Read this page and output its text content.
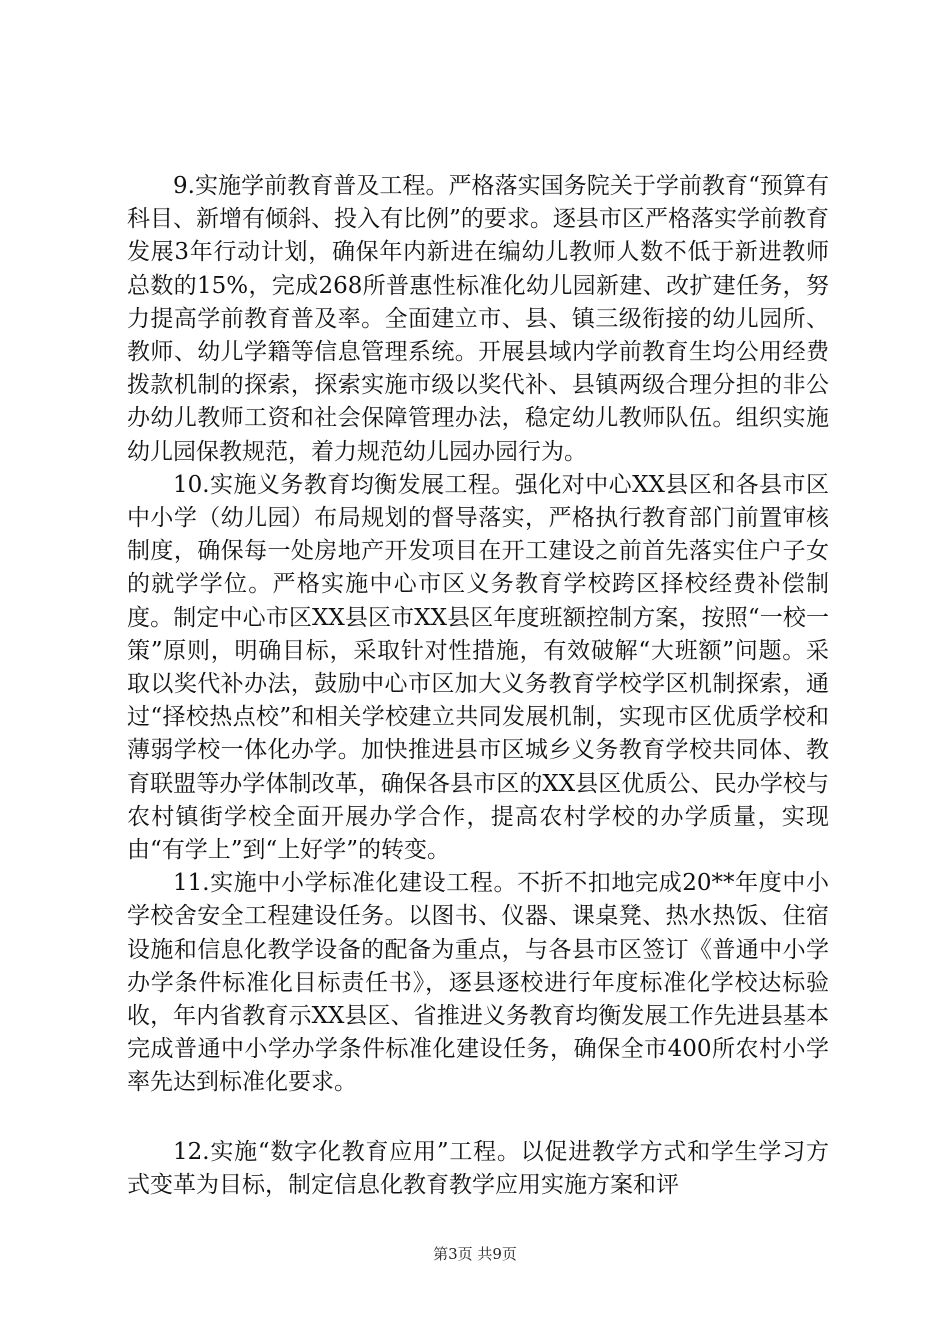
9.实施学前教育普及工程。严格落实国务院关于学前教育“预算有科目、新增有倾斜、投入有比例”的要求。逐县市区严格落实学前教育发展3年行动计划，确保年内新进在编幼儿教师人数不低于新进教师总数的15%，完成268所普惠性标准化幼儿园新建、改扩建任务，努力提高学前教育普及率。全面建立市、县、镇三级衔接的幼儿园所、教师、幼儿学籍等信息管理系统。开展县域内学前教育生均公用经费拨款机制的探索，探索实施市级以奖代补、县镇两级合理分担的非公办幼儿教师工资和社会保障管理办法，稳定幼儿教师队伍。组织实施幼儿园保教规范，着力规范幼儿园办园行为。

10.实施义务教育均衡发展工程。强化对中心XX县区和各县市区中小学（幼儿园）布局规划的督导落实，严格执行教育部门前置审核制度，确保每一处房地产开发项目在开工建设之前首先落实住户子女的就学学位。严格实施中心市区义务教育学校跨区择校经费补偿制度。制定中心市区XX县区市XX县区年度班额控制方案，按照“一校一策”原则，明确目标，采取针对性措施，有效破解“大班额”问题。采取以奖代补办法，鼓励中心市区加大义务教育学校学区机制探索，通过“择校热点校”和相关学校建立共同发展机制，实现市区优质学校和薄弱学校一体化办学。加快推进县市区城乡义务教育学校共同体、教育联盟等办学体制改革，确保各县市区的XX县区优质公、民办学校与农村镇街学校全面开展办学合作，提高农村学校的办学质量，实现由“有学上”到“上好学”的转变。

11.实施中小学标准化建设工程。不折不扣地完成20**年度中小学校舍安全工程建设任务。以图书、仪器、课桌凳、热水热饭、住宿设施和信息化教学设备的配备为重点，与各县市区签订《普通中小学办学条件标准化目标责任书》，逐县逐校进行年度标准化学校达标验收，年内省教育示XX县区、省推进义务教育均衡发展工作先进县基本完成普通中小学办学条件标准化建设任务，确保全市400所农村小学率先达到标准化要求。

12.实施“数字化教育应用”工程。以促进教学方式和学生学习方式变革为目标，制定信息化教育教学应用实施方案和评

第3页 共9页
